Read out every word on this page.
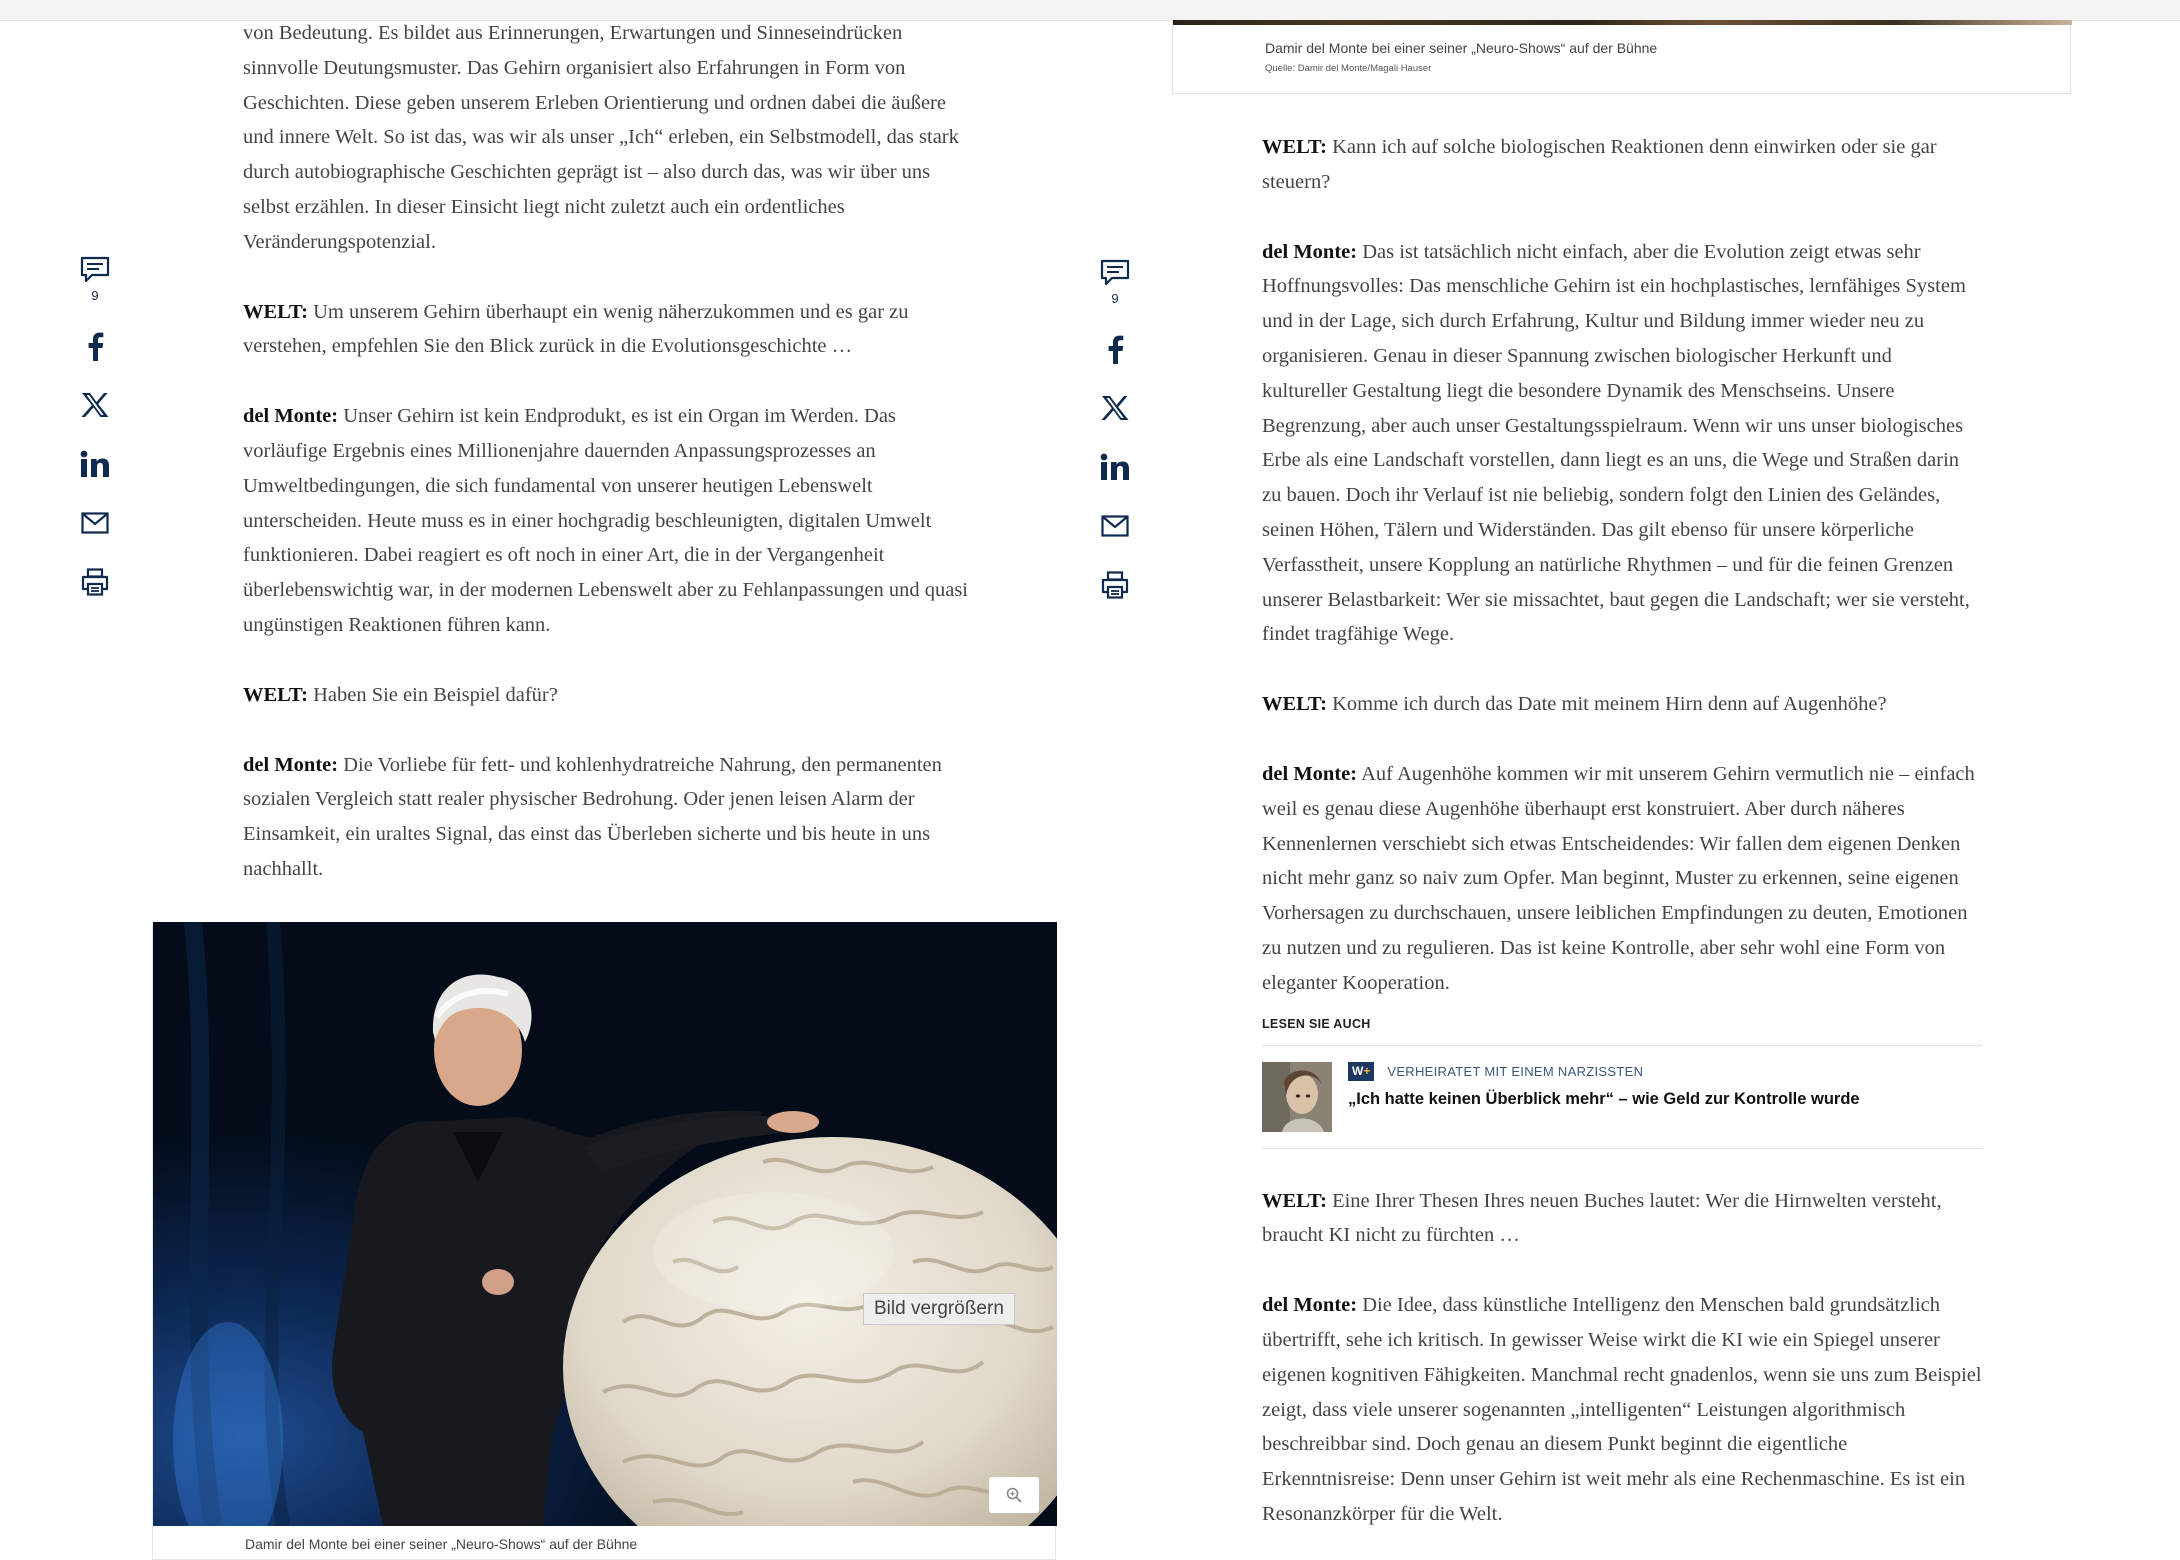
9	9

von Bedeutung. Es bildet aus Erinnerungen, Erwartungen und Sinneseindrücken sinnvolle Deutungsmuster. Das Gehirn organisiert also Erfahrungen in Form von Geschichten. Diese geben unserem Erleben Orientierung und ordnen dabei die äußere und innere Welt. So ist das, was wir als unser „Ich“ erleben, ein Selbstmodell, das stark durch autobiographische Geschichten geprägt ist – also durch das, was wir über uns selbst erzählen. In dieser Einsicht liegt nicht zuletzt auch ein ordentliches Veränderungspotenzial.

WELT: Um unserem Gehirn überhaupt ein wenig näherzukommen und es gar zu verstehen, empfehlen Sie den Blick zurück in die Evolutionsgeschichte …

del Monte: Unser Gehirn ist kein Endprodukt, es ist ein Organ im Werden. Das vorläufige Ergebnis eines Millionenjahre dauernden Anpassungsprozesses an Umweltbedingungen, die sich fundamental von unserer heutigen Lebenswelt unterscheiden. Heute muss es in einer hochgradig beschleunigten, digitalen Umwelt funktionieren. Dabei reagiert es oft noch in einer Art, die in der Vergangenheit überlebenswichtig war, in der modernen Lebenswelt aber zu Fehlanpassungen und quasi ungünstigen Reaktionen führen kann.

WELT: Haben Sie ein Beispiel dafür?

del Monte: Die Vorliebe für fett- und kohlenhydratreiche Nahrung, den permanenten sozialen Vergleich statt realer physischer Bedrohung. Oder jenen leisen Alarm der Einsamkeit, ein uraltes Signal, das einst das Überleben sicherte und bis heute in uns nachhallt.

Bild vergrößern
Damir del Monte bei einer seiner „Neuro-Shows“ auf der Bühne
Damir del Monte bei einer seiner „Neuro-Shows“ auf der Bühne
Quelle: Damir del Monte/Magali Hauser

WELT: Kann ich auf solche biologischen Reaktionen denn einwirken oder sie gar steuern?

del Monte: Das ist tatsächlich nicht einfach, aber die Evolution zeigt etwas sehr Hoffnungsvolles: Das menschliche Gehirn ist ein hochplastisches, lernfähiges System und in der Lage, sich durch Erfahrung, Kultur und Bildung immer wieder neu zu organisieren. Genau in dieser Spannung zwischen biologischer Herkunft und kultureller Gestaltung liegt die besondere Dynamik des Menschseins. Unsere Begrenzung, aber auch unser Gestaltungsspielraum. Wenn wir uns unser biologisches Erbe als eine Landschaft vorstellen, dann liegt es an uns, die Wege und Straßen darin zu bauen. Doch ihr Verlauf ist nie beliebig, sondern folgt den Linien des Geländes, seinen Höhen, Tälern und Widerständen. Das gilt ebenso für unsere körperliche Verfasstheit, unsere Kopplung an natürliche Rhythmen – und für die feinen Grenzen unserer Belastbarkeit: Wer sie missachtet, baut gegen die Landschaft; wer sie versteht, findet tragfähige Wege.

WELT: Komme ich durch das Date mit meinem Hirn denn auf Augenhöhe?

del Monte: Auf Augenhöhe kommen wir mit unserem Gehirn vermutlich nie – einfach weil es genau diese Augenhöhe überhaupt erst konstruiert. Aber durch näheres Kennenlernen verschiebt sich etwas Entscheidendes: Wir fallen dem eigenen Denken nicht mehr ganz so naiv zum Opfer. Man beginnt, Muster zu erkennen, seine eigenen Vorhersagen zu durchschauen, unsere leiblichen Empfindungen zu deuten, Emotionen zu nutzen und zu regulieren. Das ist keine Kontrolle, aber sehr wohl eine Form von eleganter Kooperation.

LESEN SIE AUCH
W+	VERHEIRATET MIT EINEM NARZISSTEN
„Ich hatte keinen Überblick mehr“ – wie Geld zur Kontrolle wurde

WELT: Eine Ihrer Thesen Ihres neuen Buches lautet: Wer die Hirnwelten versteht, braucht KI nicht zu fürchten …

del Monte: Die Idee, dass künstliche Intelligenz den Menschen bald grundsätzlich übertrifft, sehe ich kritisch. In gewisser Weise wirkt die KI wie ein Spiegel unserer eigenen kognitiven Fähigkeiten. Manchmal recht gnadenlos, wenn sie uns zum Beispiel zeigt, dass viele unserer sogenannten „intelligenten“ Leistungen algorithmisch beschreibbar sind. Doch genau an diesem Punkt beginnt die eigentliche Erkenntnisreise: Denn unser Gehirn ist weit mehr als eine Rechenmaschine. Es ist ein Resonanzkörper für die Welt.
